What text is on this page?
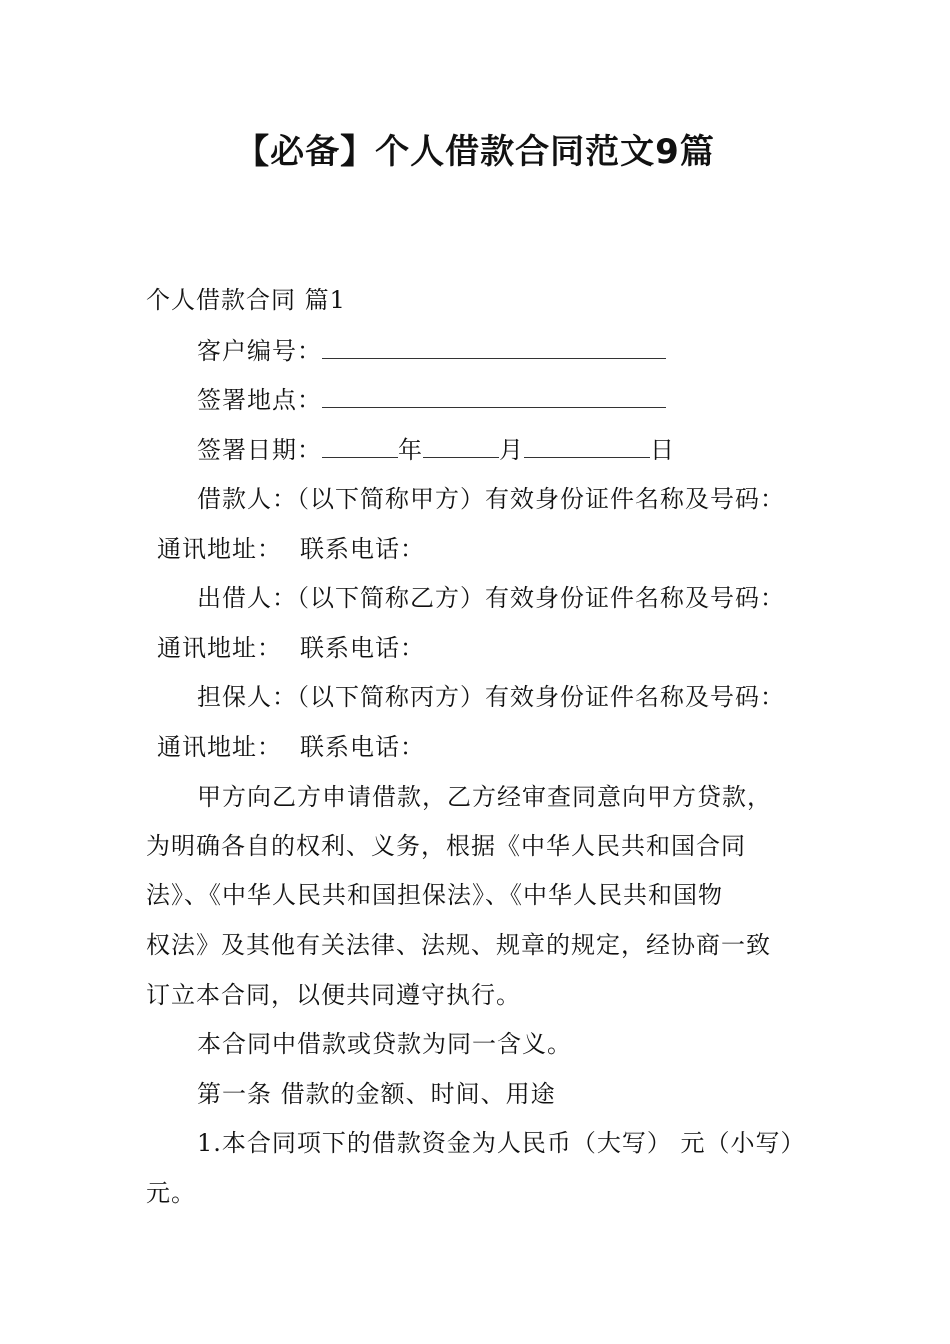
【必备】个人借款合同范文9篇
个人借款合同 篇1
客户编号：
签署地点：
签署日期：	年	月	日
借款人：（以下简称甲方）有效身份证件名称及号码：
通讯地址： 联系电话：
出借人：（以下简称乙方）有效身份证件名称及号码：
通讯地址： 联系电话：
担保人：（以下简称丙方）有效身份证件名称及号码：
通讯地址： 联系电话：
甲方向乙方申请借款，乙方经审查同意向甲方贷款，
为明确各自的权利、义务，根据《中华人民共和国合同
法》、《中华人民共和国担保法》、《中华人民共和国物
权法》及其他有关法律、法规、规章的规定，经协商一致
订立本合同，以便共同遵守执行。
本合同中借款或贷款为同一含义。
第一条 借款的金额、时间、用途
1.本合同项下的借款资金为人民币（大写） 元（小写）
元。
